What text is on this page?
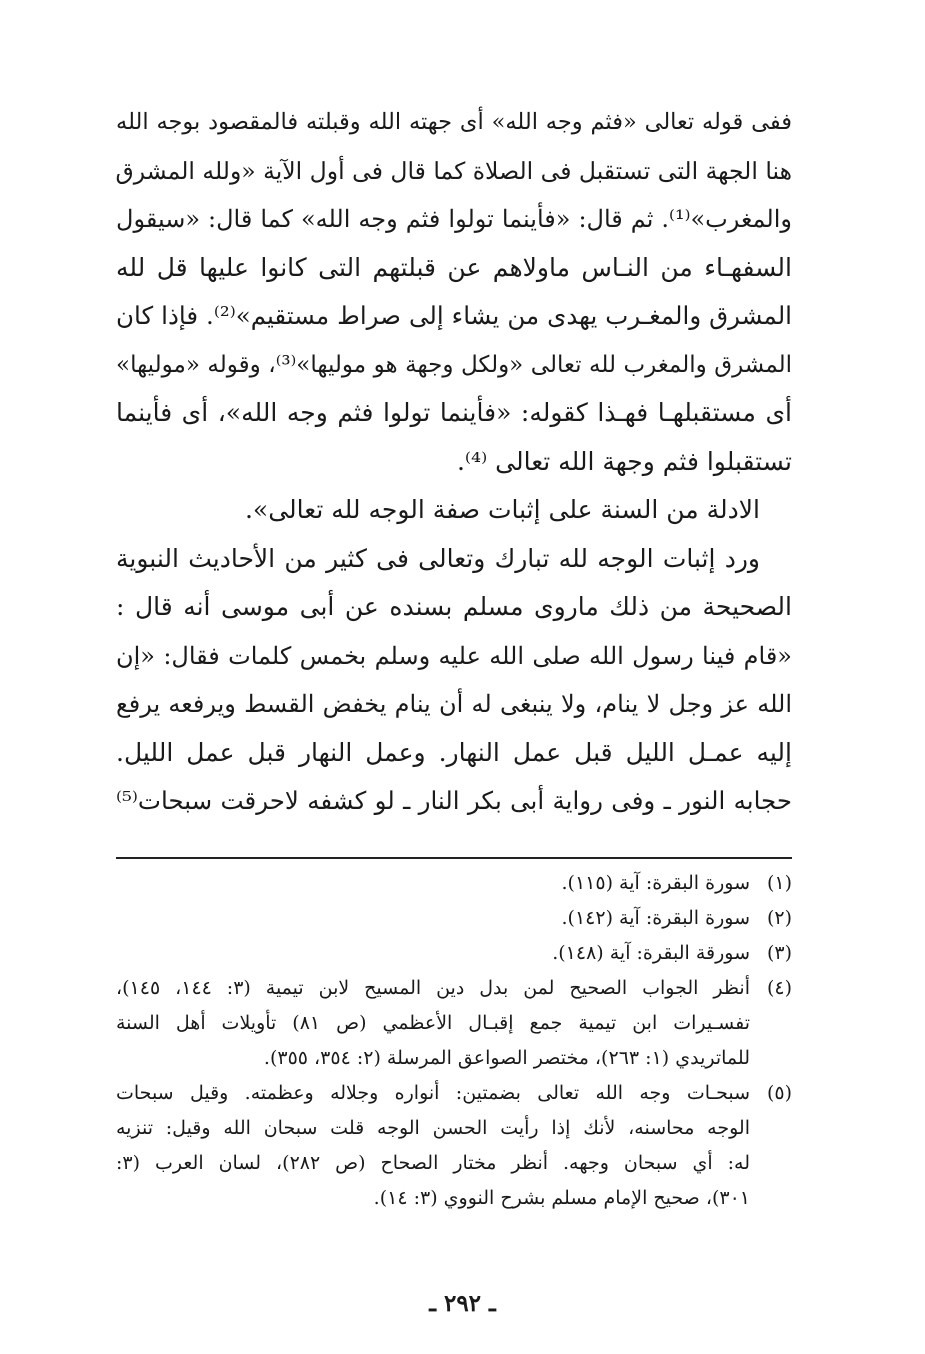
ففى قوله تعالى «فثم وجه الله» أى جهته الله وقبلته فالمقصود بوجه الله
هنا الجهة التى تستقبل فى الصلاة كما قال فى أول الآية «ولله المشرق
والمغرب»⁽¹⁾. ثم قال: «فأينما تولوا فثم وجه الله» كما قال: «سيقول
السفهـاء من النـاس ماولاهم عن قبلتهم التى كانوا عليها قل لله
المشرق والمغـرب يهدى من يشاء إلى صراط مستقيم»⁽²⁾. فإذا كان
المشرق والمغرب لله تعالى «ولكل وجهة هو موليها»⁽³⁾، وقوله «موليها»
أى مستقبلهـا فهـذا كقوله: «فأينما تولوا فثم وجه الله»، أى فأينما
تستقبلوا فثم وجهة الله تعالى ⁽⁴⁾.
الادلة من السنة على إثبات صفة الوجه لله تعالى».
ورد إثبات الوجه لله تبارك وتعالى فى كثير من الأحاديث النبوية
الصحيحة من ذلك ماروى مسلم بسنده عن أبى موسى أنه قال :
«قام فينا رسول الله صلى الله عليه وسلم بخمس كلمات فقال: «إن
الله عز وجل لا ينام، ولا ينبغى له أن ينام يخفض القسط ويرفعه يرفع
إليه عمـل الليل قبل عمل النهار. وعمل النهار قبل عمل الليل.
حجابه النور ـ وفى رواية أبى بكر النار ـ لو كشفه لاحرقت سبحات⁽⁵⁾
(١)
سورة البقرة: آية (١١٥).
(٢)
سورة البقرة: آية (١٤٢).
(٣)
سورقة البقرة: آية (١٤٨).
(٤)
أنظر الجواب الصحيح لمن بدل دين المسيح لابن تيمية (٣: ١٤٤، ١٤٥)،
تفسـيرات ابن تيمية جمع إقبـال الأعظمي (ص ٨١) تأويلات أهل السنة
للماتريدي (١: ٢٦٣)، مختصر الصواعق المرسلة (٢: ٣٥٤، ٣٥٥).
(٥)
سبحـات وجه الله تعالى بضمتين: أنواره وجلاله وعظمته. وقيل سبحات
الوجه محاسنه، لأنك إذا رأيت الحسن الوجه قلت سبحان الله وقيل: تنزيه
له: أي سبحان وجهه. أنظر مختار الصحاح (ص ٢٨٢)، لسان العرب (٣:
٣٠١)، صحيح الإمام مسلم بشرح النووي (٣: ١٤).
ـ ٢٩٢ ـ
